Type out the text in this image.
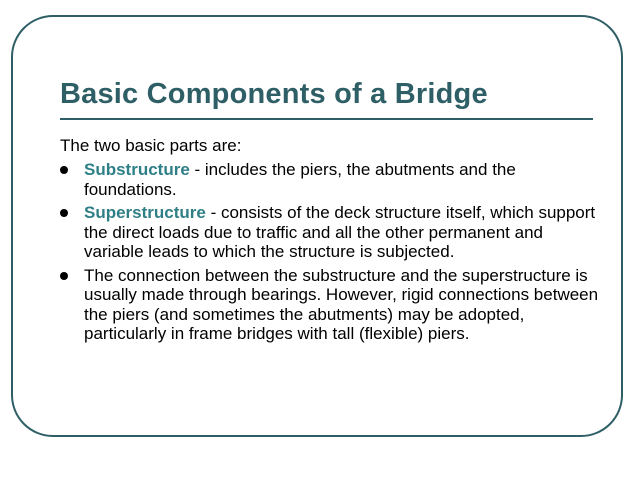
Basic Components of a Bridge

The two basic parts are:

Substructure - includes the piers, the abutments and the foundations.
Superstructure - consists of the deck structure itself, which support the direct loads due to traffic and all the other permanent and variable leads to which the structure is subjected.
The connection between the substructure and the superstructure is usually made through bearings. However, rigid connections between the piers (and sometimes the abutments) may be adopted, particularly in frame bridges with tall (flexible) piers.
